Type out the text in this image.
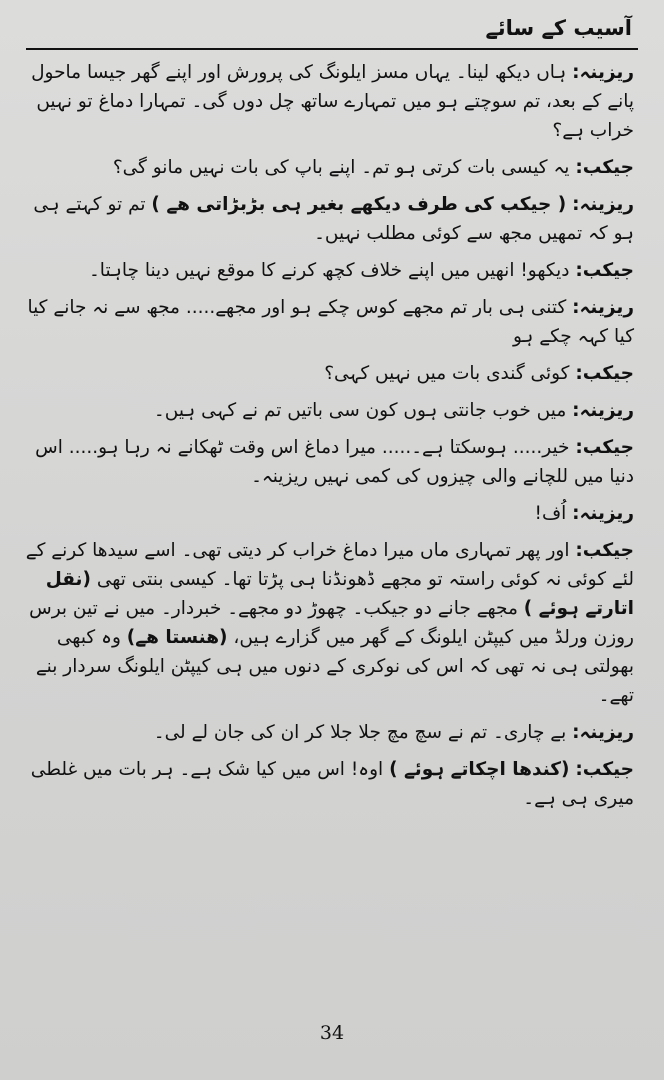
آسیب کے سائے

ریزینہ: ہاں دیکھ لینا۔ یہاں مسز ایلونگ کی پرورش اور اپنے گھر جیسا ماحول پانے کے بعد، تم سوچتے ہو میں تمہارے ساتھ چل دوں گی۔ تمہارا دماغ تو نہیں خراب ہے؟

جیکب: یہ کیسی بات کرتی ہو تم۔ اپنے باپ کی بات نہیں مانو گی؟

ریزینہ: ( جیکب کی طرف دیکھے بغیر ہی بڑبڑاتی ھے ) تم تو کہتے ہی ہو کہ تمھیں مجھ سے کوئی مطلب نہیں۔

جیکب: دیکھو! انھیں میں اپنے خلاف کچھ کرنے کا موقع نہیں دینا چاہتا۔

ریزینہ: کتنی ہی بار تم مجھے کوس چکے ہو اور مجھے..... مجھ سے نہ جانے کیا کیا کہہ چکے ہو

جیکب: کوئی گندی بات میں نہیں کہی؟

ریزینہ: میں خوب جانتی ہوں کون سی باتیں تم نے کہی ہیں۔

جیکب: خیر..... ہوسکتا ہے۔..... میرا دماغ اس وقت ٹھکانے نہ رہا ہو..... اس دنیا میں للچانے والی چیزوں کی کمی نہیں ریزینہ۔

ریزینہ: اُف!

جیکب: اور پھر تمہاری ماں میرا دماغ خراب کر دیتی تھی۔ اسے سیدھا کرنے کے لئے کوئی نہ کوئی راستہ تو مجھے ڈھونڈنا ہی پڑتا تھا۔ کیسی بنتی تھی (نقل اتارتے ہوئے ) مجھے جانے دو جیکب۔ چھوڑ دو مجھے۔ خبردار۔ میں نے تین برس روزن ورلڈ میں کیپٹن ایلونگ کے گھر میں گزارے ہیں، (ھنستا ھے) وہ کبھی بھولتی ہی نہ تھی کہ اس کی نوکری کے دنوں میں ہی کیپٹن ایلونگ سردار بنے تھے۔

ریزینہ: بے چاری۔ تم نے سچ مچ جلا جلا کر ان کی جان لے لی۔

جیکب: (کندھا اچکاتے ہوئے ) اوہ! اس میں کیا شک ہے۔ ہر بات میں غلطی میری ہی ہے۔

34
